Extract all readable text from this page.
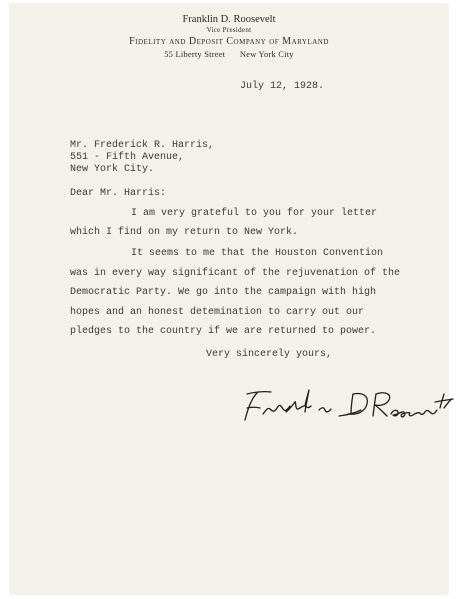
Franklin D. Roosevelt
Vice President
Fidelity and Deposit Company of Maryland
55 Liberty Street New York City
July 12, 1928.
Mr. Frederick R. Harris,
551 - Fifth Avenue,
New York City.
Dear Mr. Harris:
I am very grateful to you for your letter
which I find on my return to New York.
It seems to me that the Houston Convention
was in every way significant of the rejuvenation of the
Democratic Party. We go into the campaign with high
hopes and an honest detemination to carry out our
pledges to the country if we are returned to power.
Very sincerely yours,
